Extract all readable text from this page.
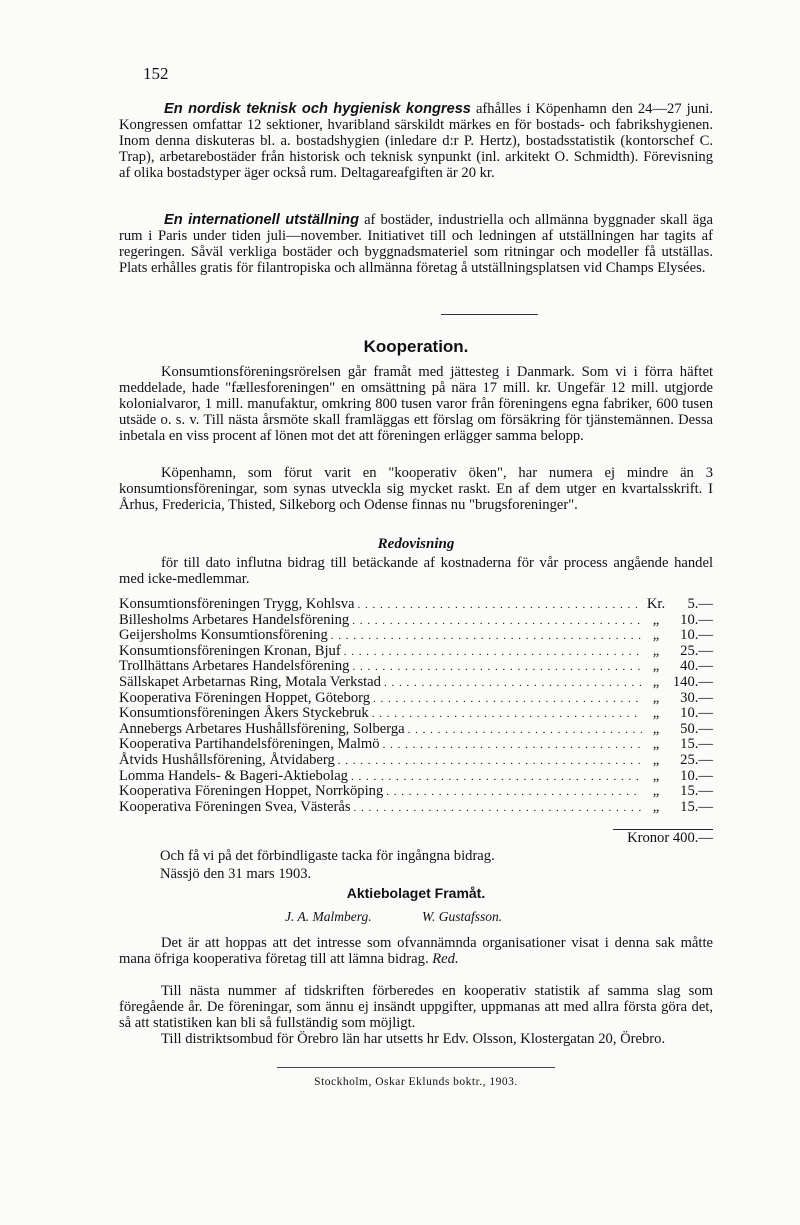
152

En nordisk teknisk och hygienisk kongress afhålles i Köpenhamn den 24—27 juni. Kongressen omfattar 12 sektioner, hvaribland särskildt märkes en för bostads- och fabrikshygienen. Inom denna diskuteras bl. a. bostadshygien (inledare d:r P. Hertz), bostadsstatistik (kontorschef C. Trap), arbetarebostäder från historisk och teknisk synpunkt (inl. arkitekt O. Schmidth). Förevisning af olika bostadstyper äger också rum. Deltagareafgiften är 20 kr.

En internationell utställning af bostäder, industriella och allmänna byggnader skall äga rum i Paris under tiden juli—november. Initiativet till och ledningen af utställningen har tagits af regeringen. Såväl verkliga bostäder och byggnadsmateriel som ritningar och modeller få utställas. Plats erhålles gratis för filantropiska och allmänna företag å utställningsplatsen vid Champs Elysées.

Kooperation.

Konsumtionsföreningsrörelsen går framåt med jättesteg i Danmark. Som vi i förra häftet meddelade, hade "fællesforeningen" en omsättning på nära 17 mill. kr. Ungefär 12 mill. utgjorde kolonialvaror, 1 mill. manufaktur, omkring 800 tusen varor från föreningens egna fabriker, 600 tusen utsäde o. s. v. Till nästa årsmöte skall framläggas ett förslag om försäkring för tjänstemännen. Dessa inbetala en viss procent af lönen mot det att föreningen erlägger samma belopp.

Köpenhamn, som förut varit en "kooperativ öken", har numera ej mindre än 3 konsumtionsföreningar, som synas utveckla sig mycket raskt. En af dem utger en kvartalsskrift. I Århus, Fredericia, Thisted, Silkeborg och Odense finnas nu "brugsforeninger".

Redovisning

för till dato influtna bidrag till betäckande af kostnaderna för vår process angående handel med icke-medlemmar.

Konsumtionsföreningen Trygg, Kohlsva . . .	Kr.	5.—
Billesholms Arbetares Handelsförening . . .	„	10.—
Geijersholms Konsumtionsförening . . .	„	10.—
Konsumtionsföreningen Kronan, Bjuf . . .	„	25.—
Trollhättans Arbetares Handelsförening . . .	„	40.—
Sällskapet Arbetarnas Ring, Motala Verkstad . . .	„ 140.—
Kooperativa Föreningen Hoppet, Göteborg . . .	„	30.—
Konsumtionsföreningen Åkers Styckebruk . . .	„	10.—
Annebergs Arbetares Hushållsförening, Solberga . . .	„	50.—
Kooperativa Partihandelsföreningen, Malmö . . .	„	15.—
Åtvids Hushållsförening, Åtvidaberg . . .	„	25.—
Lomma Handels- & Bageri-Aktiebolag . . .	„	10.—
Kooperativa Föreningen Hoppet, Norrköping . . .	„	15.—
Kooperativa Föreningen Svea, Västerås . . .	„	15.—
Kronor 400.—
Och få vi på det förbindligaste tacka för ingångna bidrag.
Nässjö den 31 mars 1903.
Aktiebolaget Framåt.
J. A. Malmberg.	W. Gustafsson.

Det är att hoppas att det intresse som ofvannämnda organisationer visat i denna sak måtte mana öfriga kooperativa företag till att lämna bidrag. Red.

Till nästa nummer af tidskriften förberedes en kooperativ statistik af samma slag som föregående år. De föreningar, som ännu ej insändt uppgifter, uppmanas att med allra första göra det, så att statistiken kan bli så fullständig som möjligt.

Till distriktsombud för Örebro län har utsetts hr Edv. Olsson, Klostergatan 20, Örebro.

Stockholm, Oskar Eklunds boktr., 1903.
